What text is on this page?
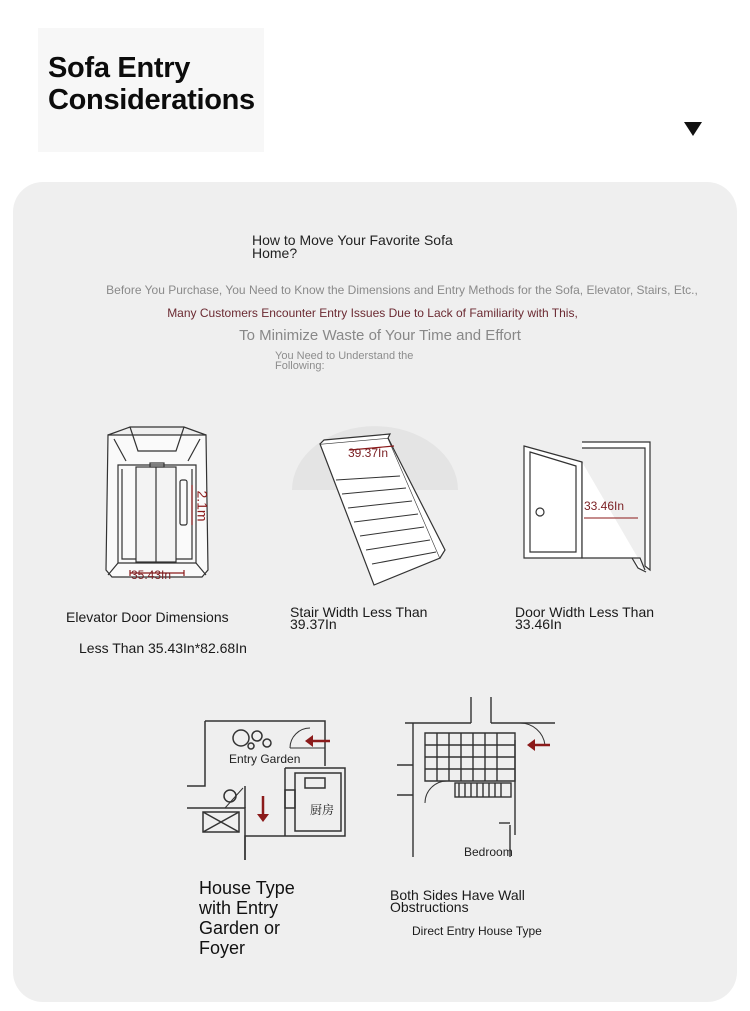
Sofa Entry
Considerations
How to Move Your Favorite Sofa Home?
Before You Purchase, You Need to Know the Dimensions and Entry Methods for the Sofa, Elevator, Stairs, Etc.,
Many Customers Encounter Entry Issues Due to Lack of Familiarity with This,
To Minimize Waste of Your Time and Effort
You Need to Understand the Following:
35.43In
2.1m
Elevator Door Dimensions
Less Than 35.43In*82.68In
39.37In
Stair Width Less Than 39.37In
33.46In
Door Width Less Than 33.46In
Entry Garden
厨房
House Type with Entry Garden or Foyer
Bedroom
Both Sides Have Wall Obstructions
Direct Entry House Type
